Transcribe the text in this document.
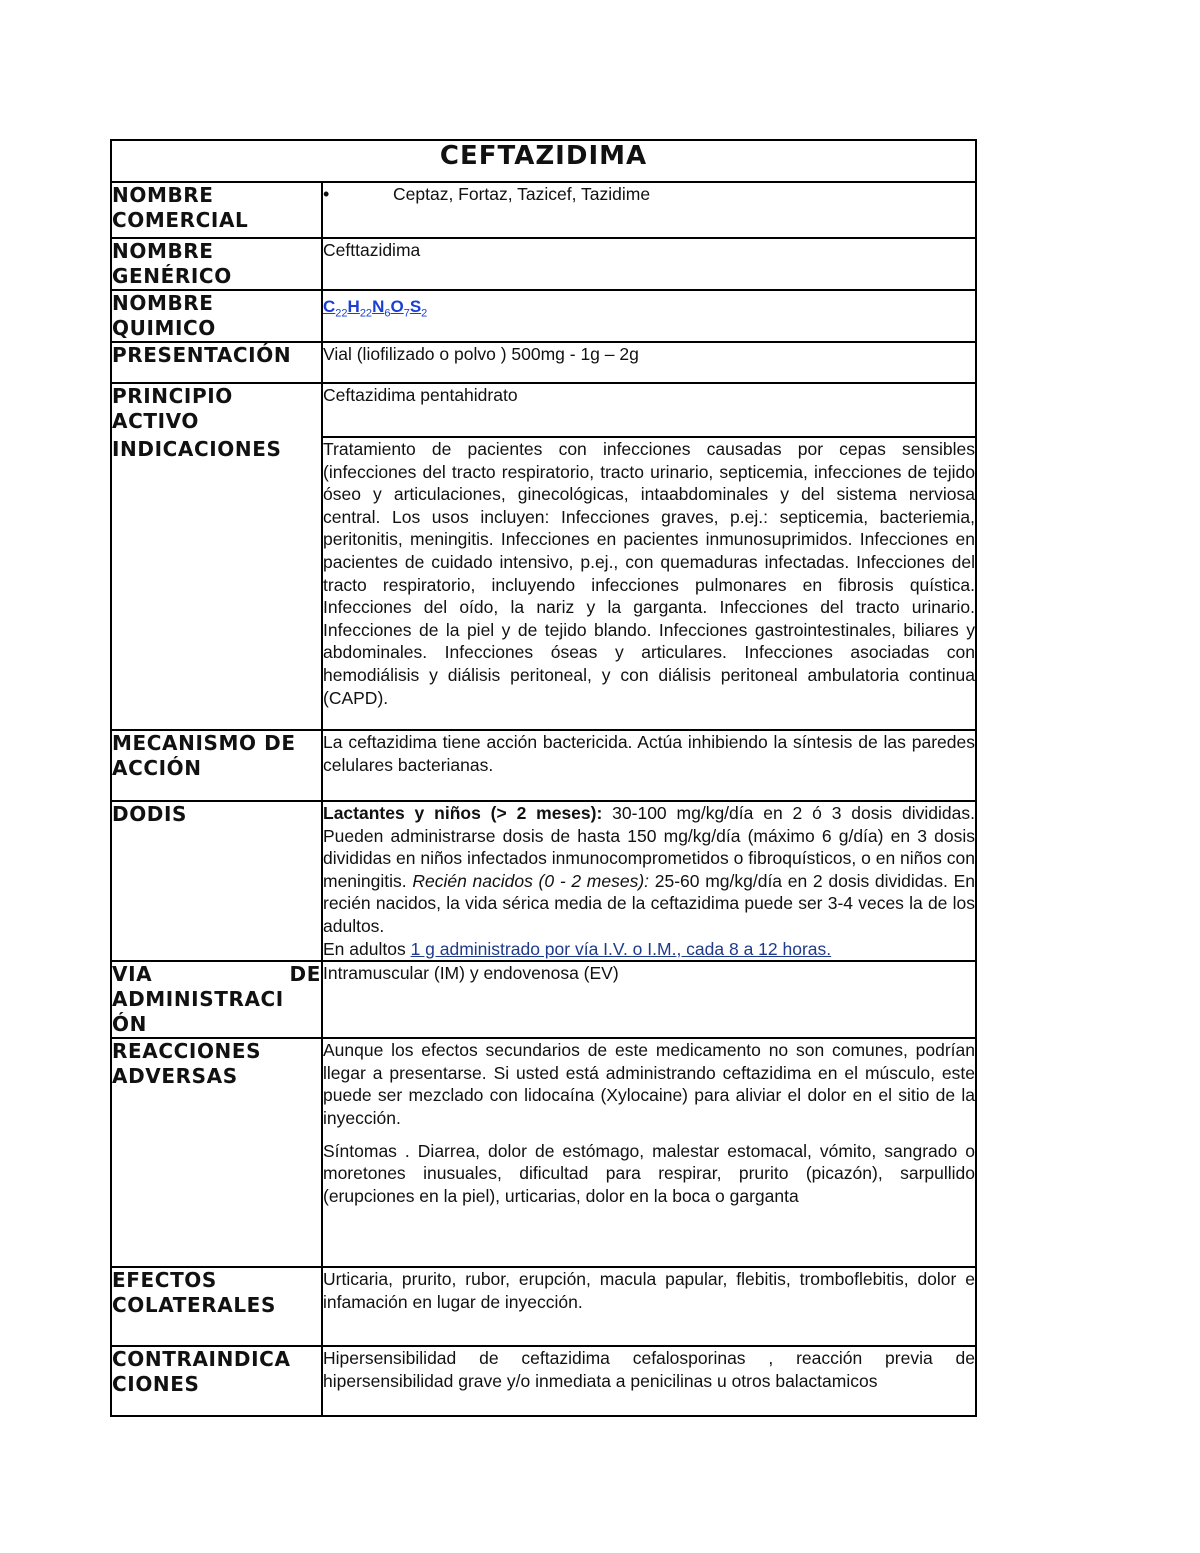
CEFTAZIDIMA	
NOMBRE COMERCIAL	• Ceptaz, Fortaz, Tazicef, Tazidime

NOMBRE GENÉRICO	Cefttazidima
NOMBRE QUIMICO	$C_{22}H_{22}N_6O_7S_2$
PRESENTACIÓN	Vial (liofilizado o polvo ) 500mg - 1g – 2g
PRINCIPIO ACTIVO	Ceftazidima pentahidrato

INDICACIONES	Tratamiento de pacientes con infecciones causadas por cepas sensibles (infecciones del tracto respiratorio, tracto urinario, septicemia, infecciones de tejido óseo y articulaciones, ginecológicas, intaabdominales y del sistema nerviosa central. Los usos incluyen: Infecciones graves, p.ej.: septicemia, bacteriemia, peritonitis, meningitis. Infecciones en pacientes inmunosuprimidos. Infecciones en pacientes de cuidado intensivo, p.ej., con quemaduras infectadas. Infecciones del tracto respiratorio, incluyendo infecciones pulmonares en fibrosis quística. Infecciones del oído, la nariz y la garganta. Infecciones del tracto urinario. Infecciones de la piel y de tejido blando. Infecciones gastrointestinales, biliares y abdominales. Infecciones óseas y articulares. Infecciones asociadas con hemodiálisis y diálisis peritoneal, y con diálisis peritoneal ambulatoria continua (CAPD).
MECANISMO DE ACCIÓN	La ceftazidima tiene acción bactericida. Actúa inhibiendo la síntesis de las paredes celulares bacterianas.
DODIS	Lactantes y niños (> 2 meses): 30-100 mg/kg/día en 2 ó 3 dosis divididas. Pueden administrarse dosis de hasta 150 mg/kg/día (máximo 6 g/día) en 3 dosis divididas en niños infectados inmunocomprometidos o fibroquísticos, o en niños con meningitis. Recién nacidos (0 - 2 meses): 25-60 mg/kg/día en 2 dosis divididas. En recién nacidos, la vida sérica media de la ceftazidima puede ser 3-4 veces la de los adultos.
En adultos 1 g administrado por vía I.V. o I.M., cada 8 a 12 horas.

VIA DE
ADMINISTRACI ÓN	Intramuscular (IM) y endovenosa (EV)
REACCIONES ADVERSAS	Aunque los efectos secundarios de este medicamento no son comunes, podrían llegar a presentarse. Si usted está administrando ceftazidima en el músculo, este puede ser mezclado con lidocaína (Xylocaine) para aliviar el dolor en el sitio de la inyección.

Síntomas . Diarrea, dolor de estómago, malestar estomacal, vómito, sangrado o moretones inusuales, dificultad para respirar, prurito (picazón), sarpullido (erupciones en la piel), urticarias, dolor en la boca o garganta

EFECTOS COLATERALES	Urticaria, prurito, rubor, erupción, macula papular, flebitis, tromboflebitis, dolor e infamación en lugar de inyección.
CONTRAINDICA CIONES	Hipersensibilidad de ceftazidima cefalosporinas , reacción previa de hipersensibilidad grave y/o inmediata a penicilinas u otros balactamicos
